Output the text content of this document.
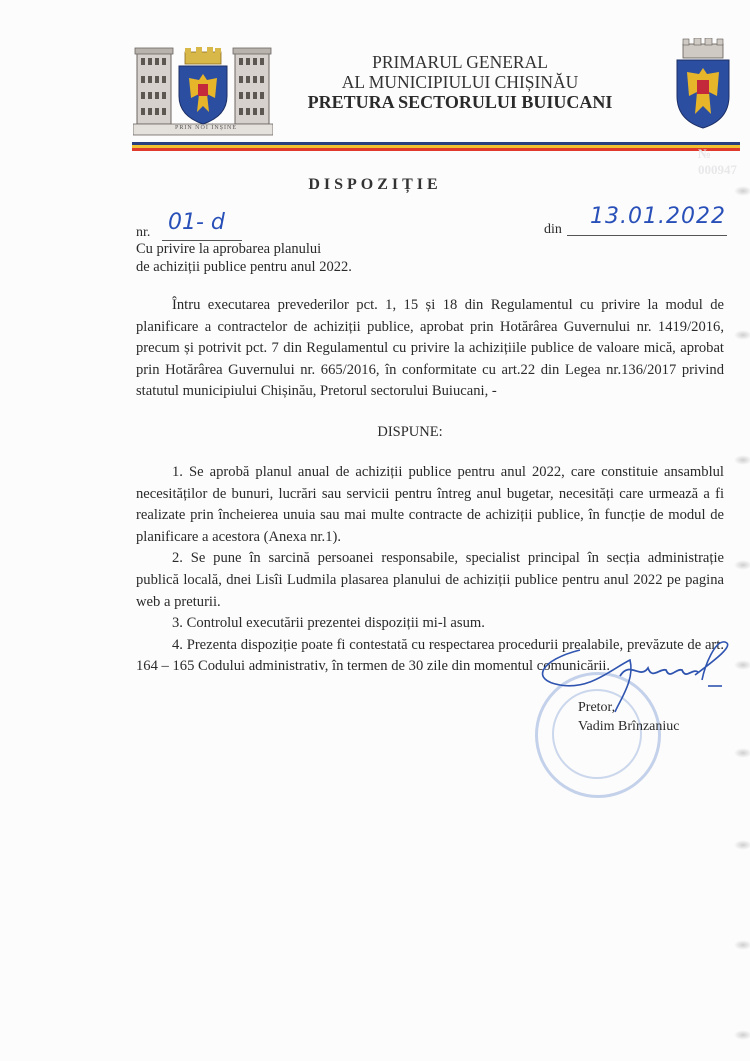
PRIN NOI ÎNȘINE
PRIMARUL GENERAL
AL MUNICIPIULUI CHIȘINĂU
PRETURA SECTORULUI BUIUCANI
№ 000947
DISPOZIȚIE
nr. 01- d	din
13.01.2022
Cu privire la aprobarea planului
de achiziții publice pentru anul 2022.

Întru executarea prevederilor pct. 1, 15 și 18 din Regulamentul cu privire la modul de planificare a contractelor de achiziții publice, aprobat prin Hotărârea Guvernului nr. 1419/2016, precum și potrivit pct. 7 din Regulamentul cu privire la achizițiile publice de valoare mică, aprobat prin Hotărârea Guvernului nr. 665/2016, în conformitate cu art.22 din Legea nr.136/2017 privind statutul municipiului Chișinău, Pretorul sectorului Buiucani, -

DISPUNE:

1. Se aprobă planul anual de achiziții publice pentru anul 2022, care constituie ansamblul necesităților de bunuri, lucrări sau servicii pentru întreg anul bugetar, necesități care urmează a fi realizate prin încheierea unuia sau mai multe contracte de achiziții publice, în funcție de modul de planificare a acestora (Anexa nr.1).

2. Se pune în sarcină persoanei responsabile, specialist principal în secția administrație publică locală, dnei Lisîi Ludmila plasarea planului de achiziții publice pentru anul 2022 pe pagina web a preturii.

3. Controlul executării prezentei dispoziții mi-l asum.

4. Prezenta dispoziție poate fi contestată cu respectarea procedurii prealabile, prevăzute de art. 164 – 165 Codului administrativ, în termen de 30 zile din momentul comunicării.

Pretor,
Vadim Brînzaniuc
